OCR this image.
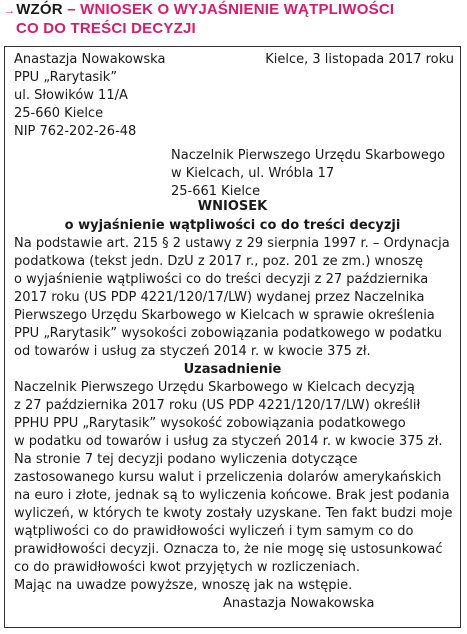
→WZÓR – WNIOSEK O WYJAŚNIENIE WĄTPLIWOŚCI
CO DO TREŚCI DECYZJI
Anastazja Nowakowska
PPU „Rarytasik”
ul. Słowików 11/A
25-660 Kielce
NIP 762-202-26-48
Kielce, 3 listopada 2017 roku
Naczelnik Pierwszego Urzędu Skarbowego
w Kielcach, ul. Wróbla 17
25-661 Kielce
WNIOSEK
o wyjaśnienie wątpliwości co do treści decyzji
Na podstawie art. 215 § 2 ustawy z 29 sierpnia 1997 r. – Ordynacja
podatkowa (tekst jedn. DzU z 2017 r., poz. 201 ze zm.) wnoszę
o wyjaśnienie wątpliwości co do treści decyzji z 27 października
2017 roku (US PDP 4221/120/17/LW) wydanej przez Naczelnika
Pierwszego Urzędu Skarbowego w Kielcach w sprawie określenia
PPU „Rarytasik” wysokości zobowiązania podatkowego w podatku
od towarów i usług za styczeń 2014 r. w kwocie 375 zł.
Uzasadnienie
Naczelnik Pierwszego Urzędu Skarbowego w Kielcach decyzją
z 27 października 2017 roku (US PDP 4221/120/17/LW) określił
PPHU PPU „Rarytasik” wysokość zobowiązania podatkowego
w podatku od towarów i usług za styczeń 2014 r. w kwocie 375 zł.
Na stronie 7 tej decyzji podano wyliczenia dotyczące
zastosowanego kursu walut i przeliczenia dolarów amerykańskich
na euro i złote, jednak są to wyliczenia końcowe. Brak jest podania
wyliczeń, w których te kwoty zostały uzyskane. Ten fakt budzi moje
wątpliwości co do prawidłowości wyliczeń i tym samym co do
prawidłowości decyzji. Oznacza to, że nie mogę się ustosunkować
co do prawidłowości kwot przyjętych w rozliczeniach.
Mając na uwadze powyższe, wnoszę jak na wstępie.
Anastazja Nowakowska
